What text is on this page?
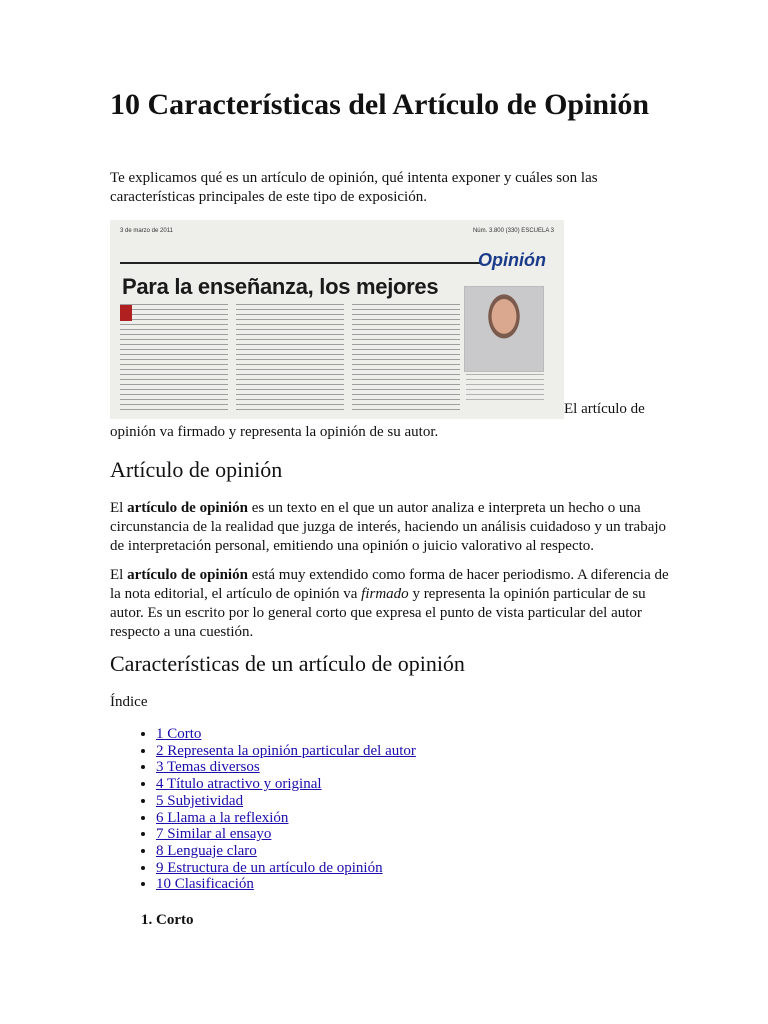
10 Características del Artículo de Opinión

Te explicamos qué es un artículo de opinión, qué intenta exponer y cuáles son las características principales de este tipo de exposición.

3 de marzo de 2011	Núm. 3.800 (330) ESCUELA 3
Opinión
Para la enseñanza, los mejores
El artículo de

opinión va firmado y representa la opinión de su autor.

Artículo de opinión

El artículo de opinión es un texto en el que un autor analiza e interpreta un hecho o una circunstancia de la realidad que juzga de interés, haciendo un análisis cuidadoso y un trabajo de interpretación personal, emitiendo una opinión o juicio valorativo al respecto.

El artículo de opinión está muy extendido como forma de hacer periodismo. A diferencia de la nota editorial, el artículo de opinión va firmado y representa la opinión particular de su autor. Es un escrito por lo general corto que expresa el punto de vista particular del autor respecto a una cuestión.

Características de un artículo de opinión

Índice

• 1 Corto
• 2 Representa la opinión particular del autor
• 3 Temas diversos
• 4 Título atractivo y original
• 5 Subjetividad
• 6 Llama a la reflexión
• 7 Similar al ensayo
• 8 Lenguaje claro
• 9 Estructura de un artículo de opinión
• 10 Clasificación
1. Corto
